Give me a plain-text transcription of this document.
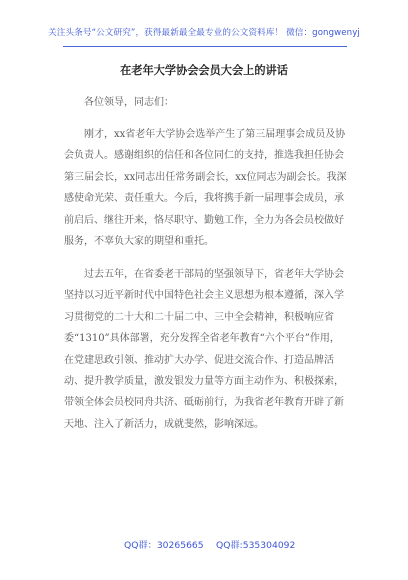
关注头条号“公文研究”，获得最新最全最专业的公文资料库！ 微信：gongwenyj
在老年大学协会会员大会上的讲话
　　各位领导，同志们：
　　刚才，xx省老年大学协会选举产生了第三届理事会成员及协会负责人。感谢组织的信任和各位同仁的支持，推选我担任协会第三届会长，xx同志出任常务副会长，xx位同志为副会长。我深感使命光荣、责任重大。今后，我将携手新一届理事会成员，承前启后、继往开来，恪尽职守、勤勉工作，全力为各会员校做好服务，不辜负大家的期望和重托。
　　过去五年，在省委老干部局的坚强领导下，省老年大学协会坚持以习近平新时代中国特色社会主义思想为根本遵循，深入学习贯彻党的二十大和二十届二中、三中全会精神，积极响应省委“1310”具体部署，充分发挥全省老年教育“六个平台”作用，在党建思政引领、推动扩大办学、促进交流合作、打造品牌活动、提升教学质量，激发银发力量等方面主动作为、积极探索，带领全体会员校同舟共济、砥砺前行，为我省老年教育开辟了新天地、注入了新活力，成就斐然，影响深远。
QQ群：30265665 QQ群:535304092
